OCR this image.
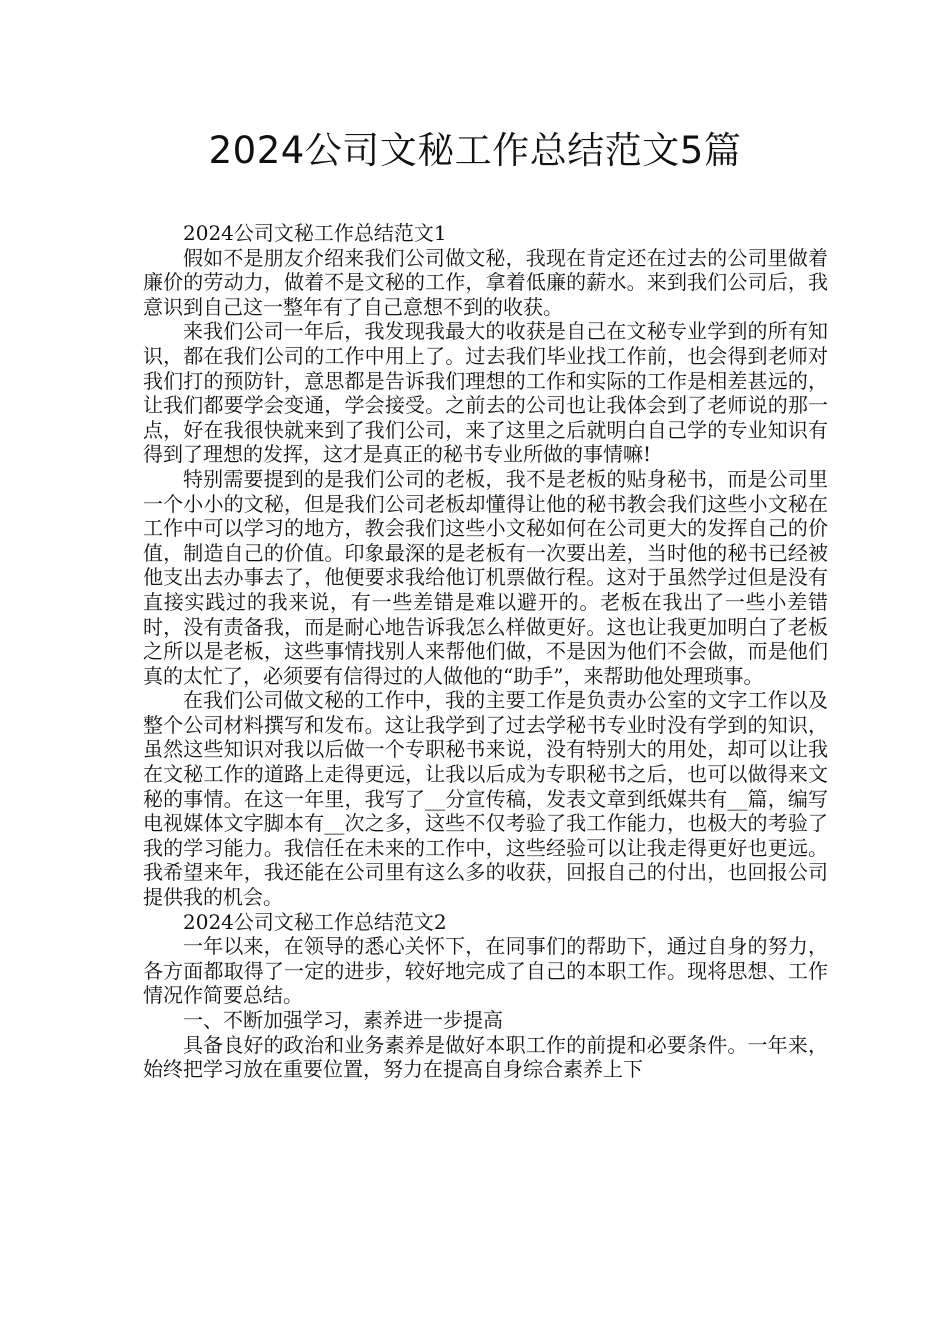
2024公司文秘工作总结范文5篇

2024公司文秘工作总结范文1

假如不是朋友介绍来我们公司做文秘，我现在肯定还在过去的公司里做着廉价的劳动力，做着不是文秘的工作，拿着低廉的薪水。来到我们公司后，我意识到自己这一整年有了自己意想不到的收获。

来我们公司一年后，我发现我最大的收获是自己在文秘专业学到的所有知识，都在我们公司的工作中用上了。过去我们毕业找工作前，也会得到老师对我们打的预防针，意思都是告诉我们理想的工作和实际的工作是相差甚远的，让我们都要学会变通，学会接受。之前去的公司也让我体会到了老师说的那一点，好在我很快就来到了我们公司，来了这里之后就明白自己学的专业知识有得到了理想的发挥，这才是真正的秘书专业所做的事情嘛!

特别需要提到的是我们公司的老板，我不是老板的贴身秘书，而是公司里一个小小的文秘，但是我们公司老板却懂得让他的秘书教会我们这些小文秘在工作中可以学习的地方，教会我们这些小文秘如何在公司更大的发挥自己的价值，制造自己的价值。印象最深的是老板有一次要出差，当时他的秘书已经被他支出去办事去了，他便要求我给他订机票做行程。这对于虽然学过但是没有直接实践过的我来说，有一些差错是难以避开的。老板在我出了一些小差错时，没有责备我，而是耐心地告诉我怎么样做更好。这也让我更加明白了老板之所以是老板，这些事情找别人来帮他们做，不是因为他们不会做，而是他们真的太忙了，必须要有信得过的人做他的“助手”，来帮助他处理琐事。

在我们公司做文秘的工作中，我的主要工作是负责办公室的文字工作以及整个公司材料撰写和发布。这让我学到了过去学秘书专业时没有学到的知识，虽然这些知识对我以后做一个专职秘书来说，没有特别大的用处，却可以让我在文秘工作的道路上走得更远，让我以后成为专职秘书之后，也可以做得来文秘的事情。在这一年里，我写了__分宣传稿，发表文章到纸媒共有__篇，编写电视媒体文字脚本有__次之多，这些不仅考验了我工作能力，也极大的考验了我的学习能力。我信任在未来的工作中，这些经验可以让我走得更好也更远。我希望来年，我还能在公司里有这么多的收获，回报自己的付出，也回报公司提供我的机会。

2024公司文秘工作总结范文2

一年以来，在领导的悉心关怀下，在同事们的帮助下，通过自身的努力，各方面都取得了一定的进步，较好地完成了自己的本职工作。现将思想、工作情况作简要总结。

一、不断加强学习，素养进一步提高

具备良好的政治和业务素养是做好本职工作的前提和必要条件。一年来，始终把学习放在重要位置，努力在提高自身综合素养上下
